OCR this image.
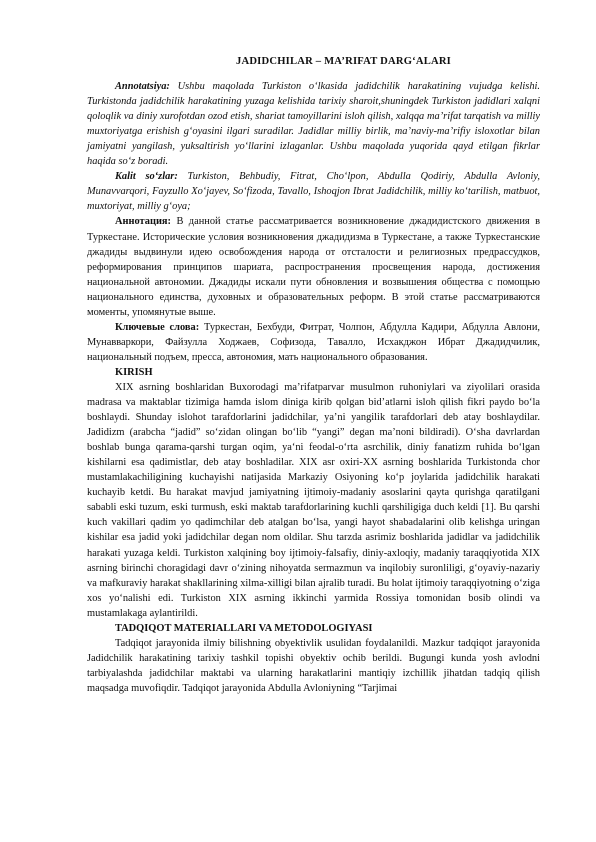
JADIDCHILAR – MA’RIFAT DARG‘ALARI

Annotatsiya: Ushbu maqolada Turkiston o‘lkasida jadidchilik harakatining vujudga kelishi. Turkistonda jadidchilik harakatining yuzaga kelishida tarixiy sharoit,shuningdek Turkiston jadidlari xalqni qoloqlik va diniy xurofotdan ozod etish, shariat tamoyillarini isloh qilish, xalqqa ma’rifat tarqatish va milliy muxtoriyatga erishish g‘oyasini ilgari suradilar. Jadidlar milliy birlik, ma’naviy-ma’rifiy isloxotlar bilan jamiyatni yangilash, yuksaltirish yo‘llarini izlaganlar. Ushbu maqolada yuqorida qayd etilgan fikrlar haqida so‘z boradi.

Kalit so‘zlar: Turkiston, Behbudiy, Fitrat, Cho‘lpon, Abdulla Qodiriy, Abdulla Avloniy, Munavvarqori, Fayzullo Xo‘jayev, So‘fizoda, Tavallo, Ishoqjon Ibrat Jadidchilik, milliy ko‘tarilish, matbuot, muxtoriyat, milliy g‘oya;

Аннотация: В данной статье рассматривается возникновение джадидистского движения в Туркестане. Исторические условия возникновения джадидизма в Туркестане, а также Туркестанские джадиды выдвинули идею освобождения народа от отсталости и религиозных предрассудков, реформирования принципов шариата, распространения просвещения народа, достижения национальной автономии. Джадиды искали пути обновления и возвышения общества с помощью национального единства, духовных и образовательных реформ. В этой статье рассматриваются моменты, упомянутые выше.

Ключевые слова: Туркестан, Бехбуди, Фитрат, Чолпон, Абдулла Кадири, Абдулла Авлони, Мунавваркори, Файзулла Ходжаев, Софизода, Тавалло, Исхакджон Ибрат Джадидчилик, национальный подъем, пресса, автономия, мать национального образования.

KIRISH

XIX asrning boshlaridan Buxorodagi ma’rifatparvar musulmon ruhoniylari va ziyolilari orasida madrasa va maktablar tizimiga hamda islom diniga kirib qolgan bid’atlarni isloh qilish fikri paydo bo‘la boshlaydi. Shunday islohot tarafdorlarini jadidchilar, ya’ni yangilik tarafdorlari deb atay boshlaydilar. Jadidizm (arabcha “jadid” so‘zidan olingan bo‘lib “yangi” degan ma’noni bildiradi). O‘sha davrlardan boshlab bunga qarama-qarshi turgan oqim, ya‘ni feodal-o‘rta asrchilik, diniy fanatizm ruhida bo‘lgan kishilarni esa qadimistlar, deb atay boshladilar. XIX asr oxiri-XX asrning boshlarida Turkistonda chor mustamlakachiligining kuchayishi natijasida Markaziy Osiyoning ko‘p joylarida jadidchilik harakati kuchayib ketdi. Bu harakat mavjud jamiyatning ijtimoiy-madaniy asoslarini qayta qurishga qaratilgani sababli eski tuzum, eski turmush, eski maktab tarafdorlarining kuchli qarshiligiga duch keldi [1]. Bu qarshi kuch vakillari qadim yo qadimchilar deb atalgan bo‘lsa, yangi hayot shabadalarini olib kelishga uringan kishilar esa jadid yoki jadidchilar degan nom oldilar. Shu tarzda asrimiz boshlarida jadidlar va jadidchilik harakati yuzaga keldi. Turkiston xalqining boy ijtimoiy-falsafiy, diniy-axloqiy, madaniy taraqqiyotida XIX asrning birinchi choragidagi davr o‘zining nihoyatda sermazmun va inqilobiy suronliligi, g‘oyaviy-nazariy va mafkuraviy harakat shakllarining xilma-xilligi bilan ajralib turadi. Bu holat ijtimoiy taraqqiyotning o‘ziga xos yo‘nalishi edi. Turkiston XIX asrning ikkinchi yarmida Rossiya tomonidan bosib olindi va mustamlakaga aylantirildi.

TADQIQOT MATERIALLARI VA METODOLOGIYASI

Tadqiqot jarayonida ilmiy bilishning obyektivlik usulidan foydalanildi. Mazkur tadqiqot jarayonida Jadidchilik harakatining tarixiy tashkil topishi obyektiv ochib berildi. Bugungi kunda yosh avlodni tarbiyalashda jadidchilar maktabi va ularning harakatlarini mantiqiy izchillik jihatdan tadqiq qilish maqsadga muvofiqdir. Tadqiqot jarayonida Abdulla Avloniyning “Tarjimai
